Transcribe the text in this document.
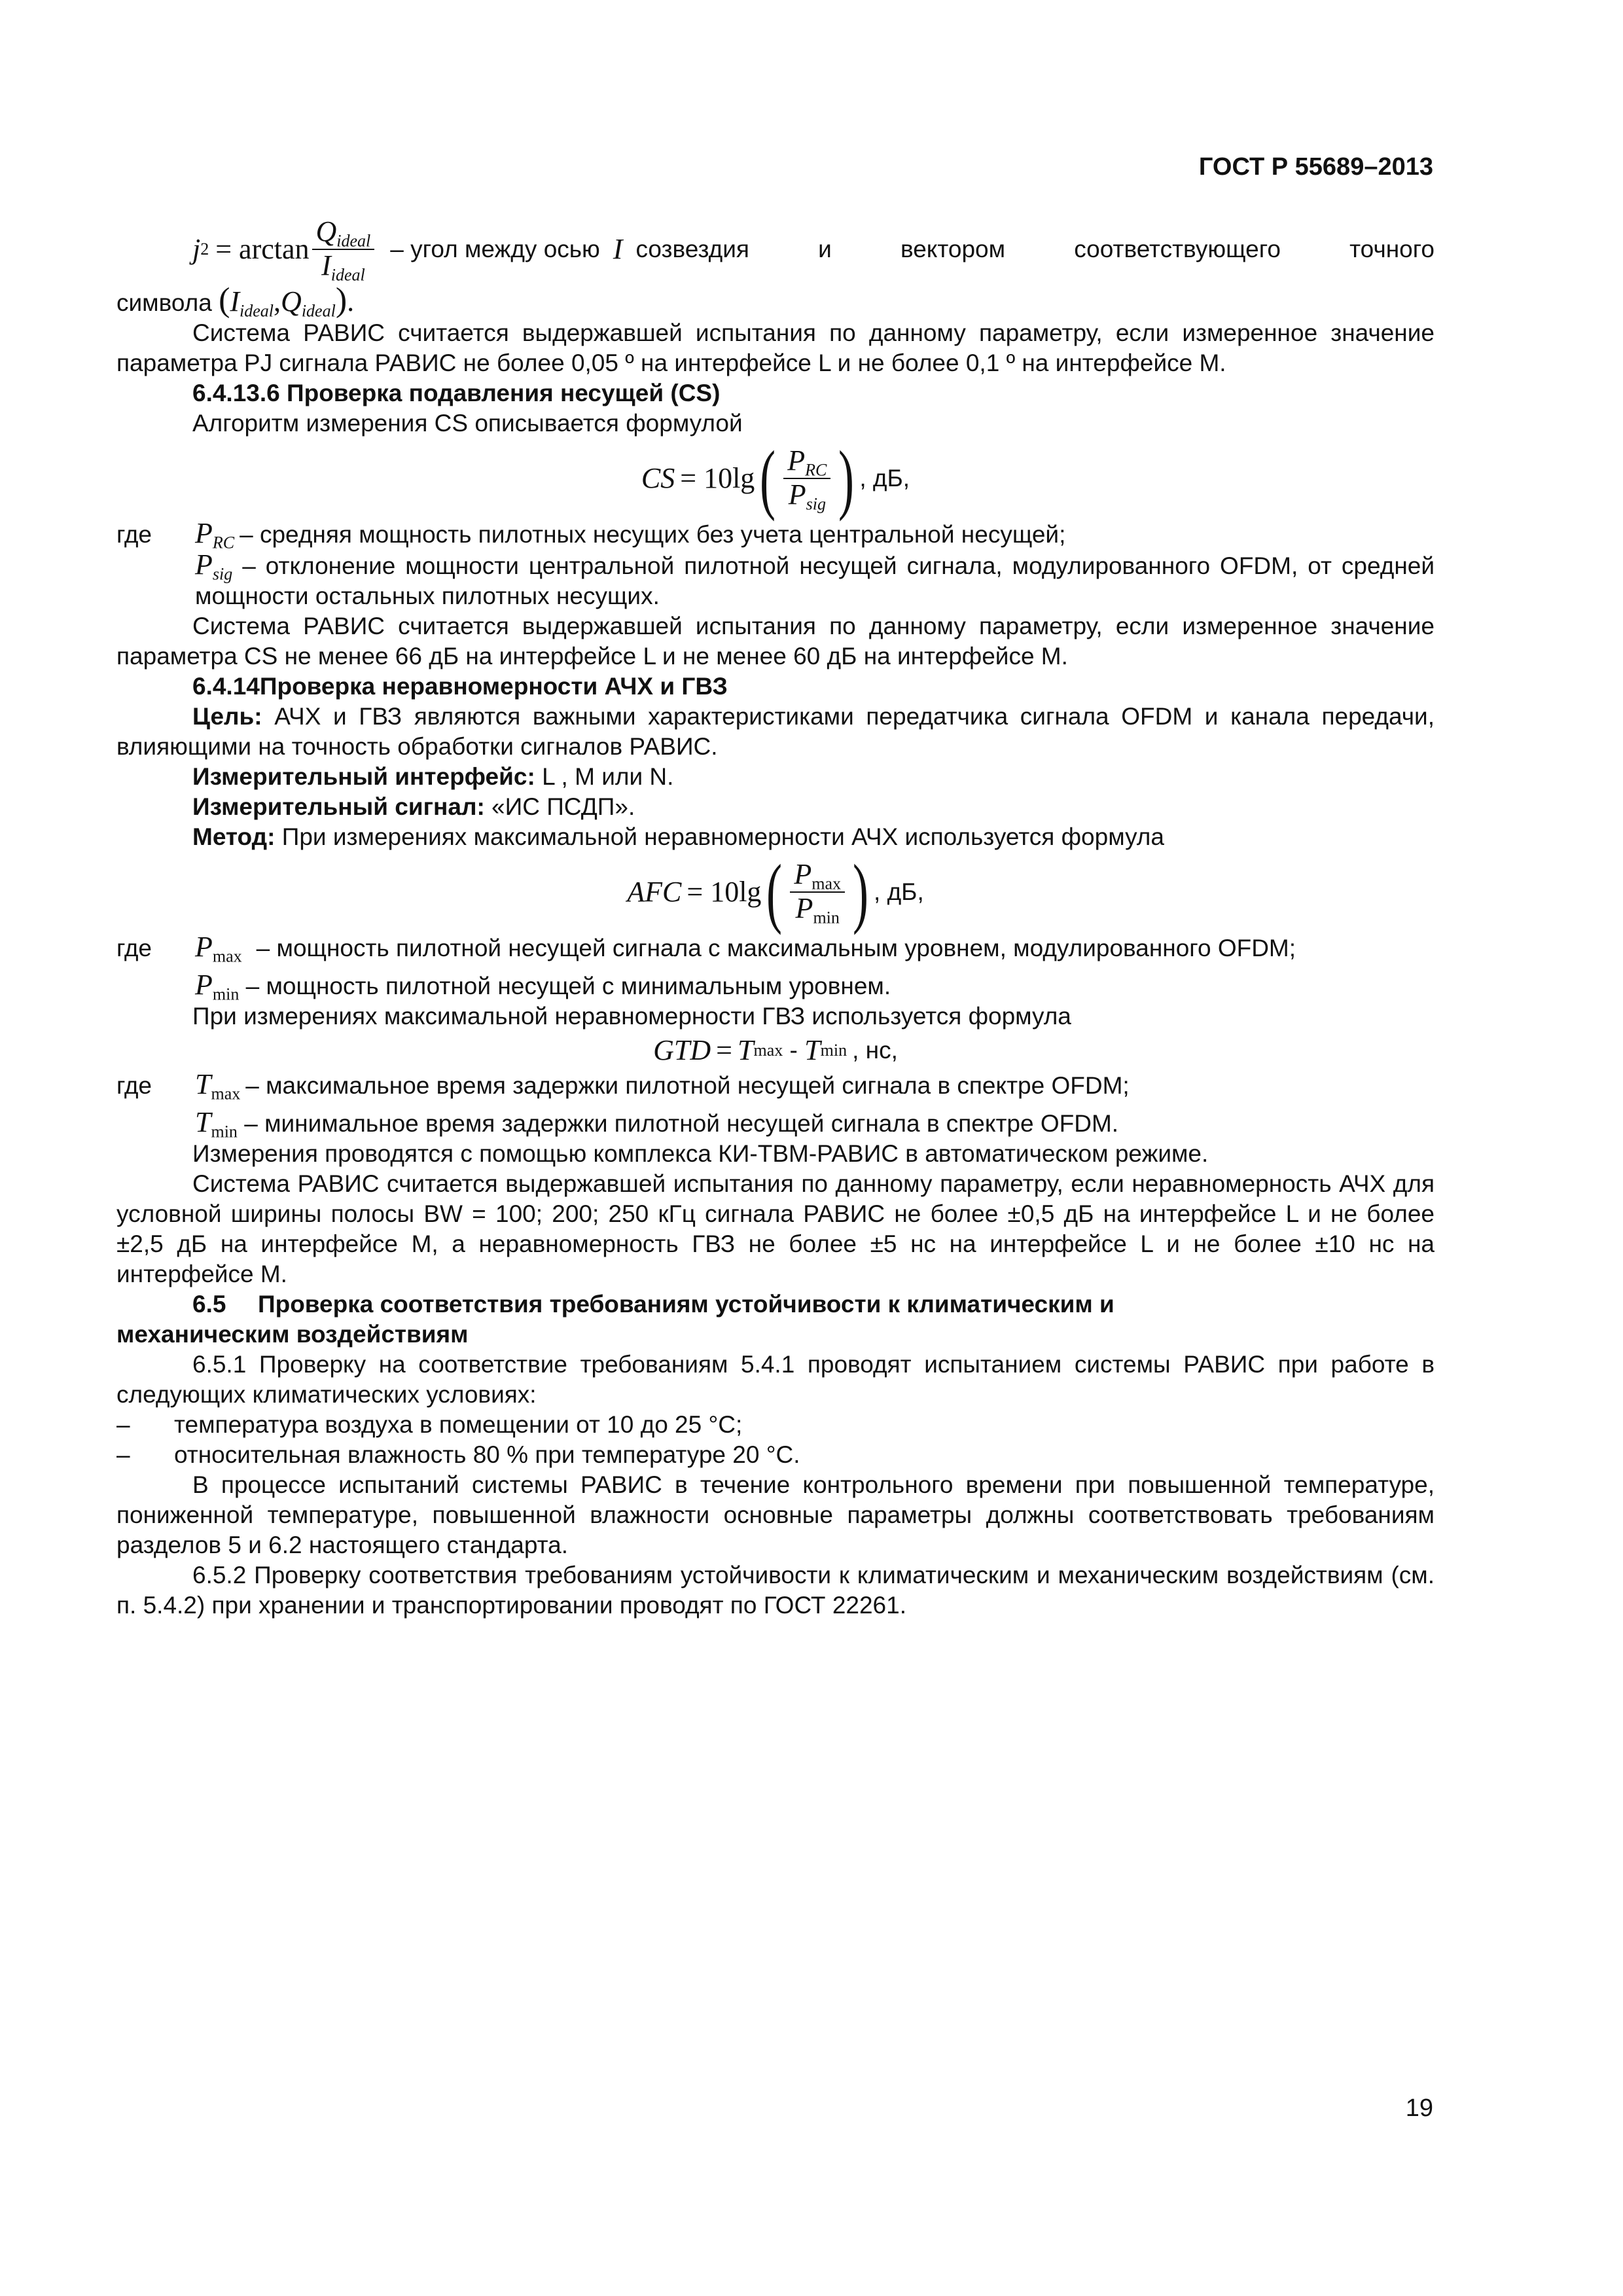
ГОСТ Р 55689–2013
j $2 = \arctan \frac{Q_{ideal}}{I_{ideal}}$ – угол между осью I созвездия и вектором соответствующего точного

символа $(I_{ideal},Q_{ideal})$.

Система РАВИС считается выдержавшей испытания по данному параметру, если измеренное значение параметра PJ сигнала РАВИС не более 0,05 º на интерфейсе L и не более 0,1 º на интерфейсе М.

6.4.13.6 Проверка подавления несущей (CS)

Алгоритм измерения CS описывается формулой

CS = 10lg ( $\frac{P_{RC}}{P_{sig}}$ ) , дБ,
где	$P_{RC}$ – средняя мощность пилотных несущих без учета центральной несущей;

$P_{sig}$ – отклонение мощности центральной пилотной несущей сигнала, модулированного OFDM, от средней мощности остальных пилотных несущих.

Система РАВИС считается выдержавшей испытания по данному параметру, если измеренное значение параметра CS не менее 66 дБ на интерфейсе L и не менее 60 дБ на интерфейсе М.

6.4.14Проверка неравномерности АЧХ и ГВЗ

Цель: АЧХ и ГВЗ являются важными характеристиками передатчика сигнала OFDM и канала передачи, влияющими на точность обработки сигналов РАВИС.

Измерительный интерфейс: L , М или N.

Измерительный сигнал: «ИС ПСДП».

Метод: При измерениях максимальной неравномерности АЧХ используется формула

AFC = 10lg ( $\frac{P_{max}}{P_{min}}$ ) , дБ,
где	$P_{max}$ – мощность пилотной несущей сигнала с максимальным уровнем, модулированного OFDM;

$P_{min}$ – мощность пилотной несущей с минимальным уровнем.

При измерениях максимальной неравномерности ГВЗ используется формула

GTD = T max - T min , нс,
где	$T_{max}$ – максимальное время задержки пилотной несущей сигнала в спектре OFDM;

$T_{min}$ – минимальное время задержки пилотной несущей сигнала в спектре OFDM.

Измерения проводятся с помощью комплекса КИ-ТВМ-РАВИС в автоматическом режиме.

Система РАВИС считается выдержавшей испытания по данному параметру, если неравномерность АЧХ для условной ширины полосы BW = 100; 200; 250 кГц сигнала РАВИС не более ±0,5 дБ на интерфейсе L и не более ±2,5 дБ на интерфейсе М, а неравномерность ГВЗ не более ±5 нс на интерфейсе L и не более ±10 нс на интерфейсе М.

6.5	Проверка соответствия требованиям устойчивости к климатическим и

механическим воздействиям

6.5.1 Проверку на соответствие требованиям 5.4.1 проводят испытанием системы РАВИС при работе в следующих климатических условиях:

–	температура воздуха в помещении от 10 до 25 °С;
–	относительная влажность 80 % при температуре 20 °С.

В процессе испытаний системы РАВИС в течение контрольного времени при повышенной температуре, пониженной температуре, повышенной влажности основные параметры должны соответствовать требованиям разделов 5 и 6.2 настоящего стандарта.

6.5.2 Проверку соответствия требованиям устойчивости к климатическим и механическим воздействиям (см. п. 5.4.2) при хранении и транспортировании проводят по ГОСТ 22261.

19
